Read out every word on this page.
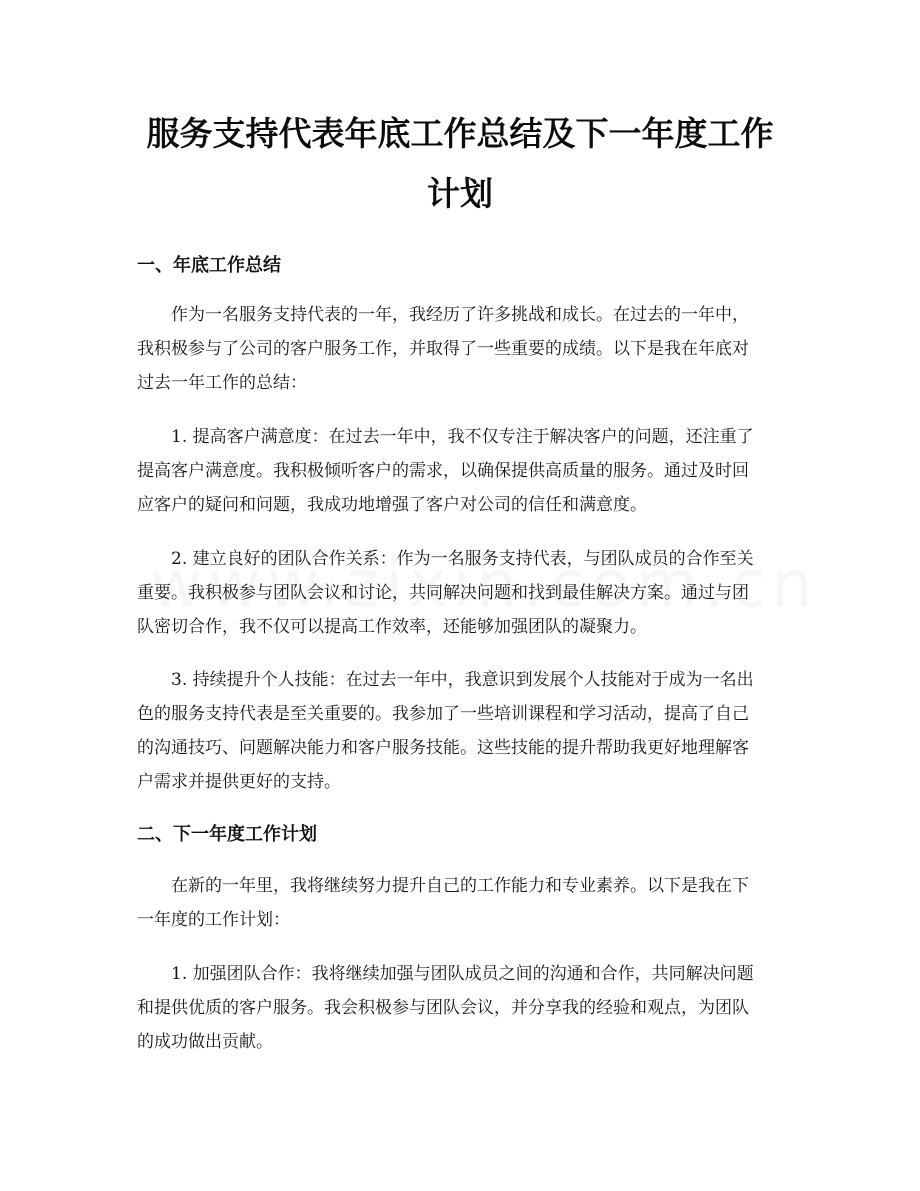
服务支持代表年底工作总结及下一年度工作
计划
一、年底工作总结

作为一名服务支持代表的一年，我经历了许多挑战和成长。在过去的一年中，
我积极参与了公司的客户服务工作，并取得了一些重要的成绩。以下是我在年底对
过去一年工作的总结：

1. 提高客户满意度：在过去一年中，我不仅专注于解决客户的问题，还注重了
提高客户满意度。我积极倾听客户的需求，以确保提供高质量的服务。通过及时回
应客户的疑问和问题，我成功地增强了客户对公司的信任和满意度。

2. 建立良好的团队合作关系：作为一名服务支持代表，与团队成员的合作至关
重要。我积极参与团队会议和讨论，共同解决问题和找到最佳解决方案。通过与团
队密切合作，我不仅可以提高工作效率，还能够加强团队的凝聚力。

3. 持续提升个人技能：在过去一年中，我意识到发展个人技能对于成为一名出
色的服务支持代表是至关重要的。我参加了一些培训课程和学习活动，提高了自己
的沟通技巧、问题解决能力和客户服务技能。这些技能的提升帮助我更好地理解客
户需求并提供更好的支持。

二、下一年度工作计划

在新的一年里，我将继续努力提升自己的工作能力和专业素养。以下是我在下
一年度的工作计划：

1. 加强团队合作：我将继续加强与团队成员之间的沟通和合作，共同解决问题
和提供优质的客户服务。我会积极参与团队会议，并分享我的经验和观点，为团队
的成功做出贡献。
